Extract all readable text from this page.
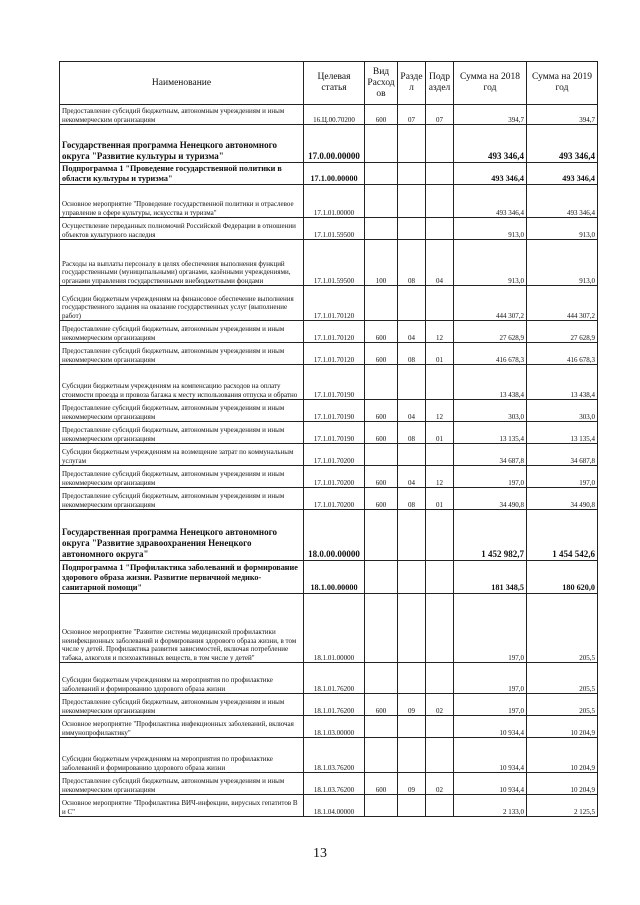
Наименование	Целевая статья	Вид Расход ов	Разде л	Подр аздел	Сумма на 2018 год	Сумма на 2019 год
Предоставление субсидий бюджетным, автономным учреждениям и иным некоммерческим организациям	16.Ц.00.70200	600	07	07	394,7	394,7
Государственная программа Ненецкого автономного округа "Развитие культуры и туризма"	17.0.00.00000				493 346,4	493 346,4
Подпрограмма 1 "Проведение государственной политики в области культуры и туризма"	17.1.00.00000				493 346,4	493 346,4
Основное мероприятие "Проведение государственной политики и отраслевое управление в сфере культуры, искусства и туризма"	17.1.01.00000				493 346,4	493 346,4
Осуществление переданных полномочий Российской Федерации в отношении объектов культурного наследия	17.1.01.59500				913,0	913,0
Расходы на выплаты персоналу в целях обеспечения выполнения функций государственными (муниципальными) органами, казёнными учреждениями, органами управления государственными внебюджетными фондами	17.1.01.59500	100	08	04	913,0	913,0
Субсидии бюджетным учреждениям на финансовое обеспечение выполнения государственного задания на оказание государственных услуг (выполнение работ)	17.1.01.70120				444 307,2	444 307,2
Предоставление субсидий бюджетным, автономным учреждениям и иным некоммерческим организациям	17.1.01.70120	600	04	12	27 628,9	27 628,9
Предоставление субсидий бюджетным, автономным учреждениям и иным некоммерческим организациям	17.1.01.70120	600	08	01	416 678,3	416 678,3
Субсидии бюджетным учреждениям на компенсацию расходов на оплату стоимости проезда и провоза багажа к месту использования отпуска и обратно	17.1.01.70190				13 438,4	13 438,4
Предоставление субсидий бюджетным, автономным учреждениям и иным некоммерческим организациям	17.1.01.70190	600	04	12	303,0	303,0
Предоставление субсидий бюджетным, автономным учреждениям и иным некоммерческим организациям	17.1.01.70190	600	08	01	13 135,4	13 135,4
Субсидии бюджетным учреждениям на возмещение затрат по коммунальным услугам	17.1.01.70200				34 687,8	34 687,8
Предоставление субсидий бюджетным, автономным учреждениям и иным некоммерческим организациям	17.1.01.70200	600	04	12	197,0	197,0
Предоставление субсидий бюджетным, автономным учреждениям и иным некоммерческим организациям	17.1.01.70200	600	08	01	34 490,8	34 490,8
Государственная программа Ненецкого автономного округа "Развитие здравоохранения Ненецкого автономного округа"	18.0.00.00000				1 452 982,7	1 454 542,6
Подпрограмма 1 "Профилактика заболеваний и формирование здорового образа жизни. Развитие первичной медико-санитарной помощи"	18.1.00.00000				181 348,5	180 620,0
Основное мероприятие "Развитие системы медицинской профилактики неинфекционных заболеваний и формирования здорового образа жизни, в том числе у детей. Профилактика развития зависимостей, включая потребление табака, алкоголя и психоактивных веществ, в том числе у детей"	18.1.01.00000				197,0	205,5
Субсидии бюджетным учреждениям на мероприятия по профилактике заболеваний и формированию здорового образа жизни	18.1.01.76200				197,0	205,5
Предоставление субсидий бюджетным, автономным учреждениям и иным некоммерческим организациям	18.1.01.76200	600	09	02	197,0	205,5
Основное мероприятие "Профилактика инфекционных заболеваний, включая иммунопрофилактику"	18.1.03.00000				10 934,4	10 204,9
Субсидии бюджетным учреждениям на мероприятия по профилактике заболеваний и формированию здорового образа жизни	18.1.03.76200				10 934,4	10 204,9
Предоставление субсидий бюджетным, автономным учреждениям и иным некоммерческим организациям	18.1.03.76200	600	09	02	10 934,4	10 204,9
Основное мероприятие "Профилактика ВИЧ-инфекции, вирусных гепатитов В и С"	18.1.04.00000				2 133,0	2 125,5
13
